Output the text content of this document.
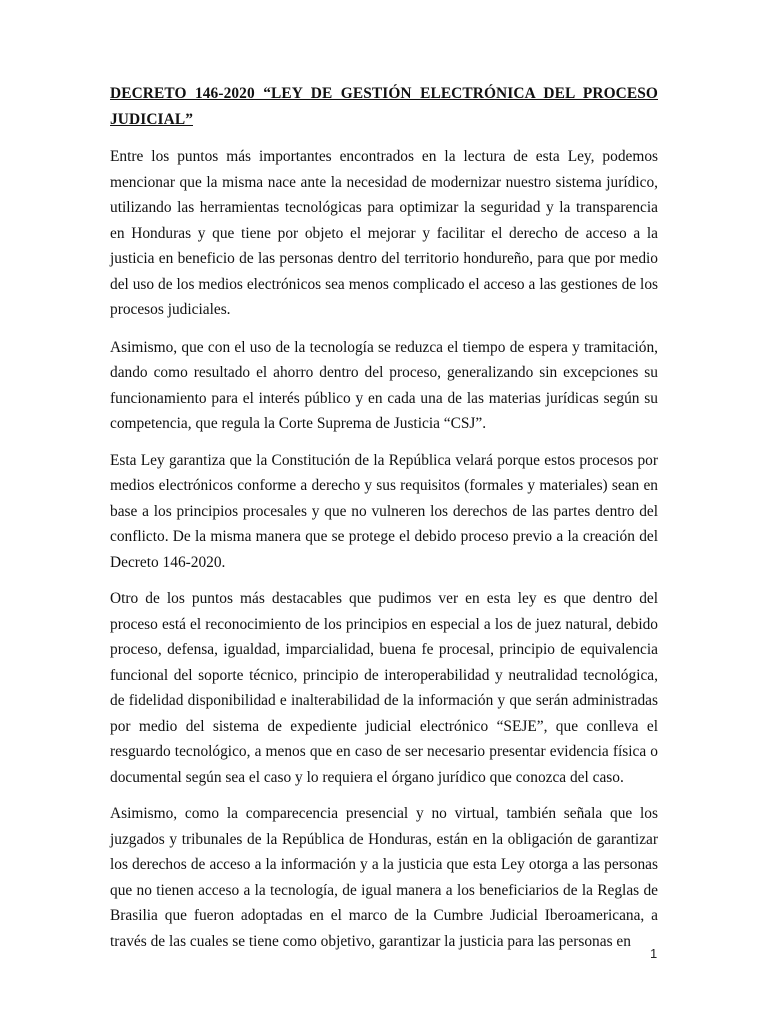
DECRETO 146-2020 “LEY DE GESTIÓN ELECTRÓNICA DEL PROCESO JUDICIAL”

Entre los puntos más importantes encontrados en la lectura de esta Ley, podemos mencionar que la misma nace ante la necesidad de modernizar nuestro sistema jurídico, utilizando las herramientas tecnológicas para optimizar la seguridad y la transparencia en Honduras y que tiene por objeto el mejorar y facilitar el derecho de acceso a la justicia en beneficio de las personas dentro del territorio hondureño, para que por medio del uso de los medios electrónicos sea menos complicado el acceso a las gestiones de los procesos judiciales.

Asimismo, que con el uso de la tecnología se reduzca el tiempo de espera y tramitación, dando como resultado el ahorro dentro del proceso, generalizando sin excepciones su funcionamiento para el interés público y en cada una de las materias jurídicas según su competencia, que regula la Corte Suprema de Justicia “CSJ”.

Esta Ley garantiza que la Constitución de la República velará porque estos procesos por medios electrónicos conforme a derecho y sus requisitos (formales y materiales) sean en base a los principios procesales y que no vulneren los derechos de las partes dentro del conflicto. De la misma manera que se protege el debido proceso previo a la creación del Decreto 146-2020.

Otro de los puntos más destacables que pudimos ver en esta ley es que dentro del proceso está el reconocimiento de los principios en especial a los de juez natural, debido proceso, defensa, igualdad, imparcialidad, buena fe procesal, principio de equivalencia funcional del soporte técnico, principio de interoperabilidad y neutralidad tecnológica, de fidelidad disponibilidad e inalterabilidad de la información y que serán administradas por medio del sistema de expediente judicial electrónico “SEJE”, que conlleva el resguardo tecnológico, a menos que en caso de ser necesario presentar evidencia física o documental según sea el caso y lo requiera el órgano jurídico que conozca del caso.

Asimismo, como la comparecencia presencial y no virtual, también señala que los juzgados y tribunales de la República de Honduras, están en la obligación de garantizar los derechos de acceso a la información y a la justicia que esta Ley otorga a las personas que no tienen acceso a la tecnología, de igual manera a los beneficiarios de la Reglas de Brasilia que fueron adoptadas en el marco de la Cumbre Judicial Iberoamericana, a través de las cuales se tiene como objetivo, garantizar la justicia para las personas en

1
